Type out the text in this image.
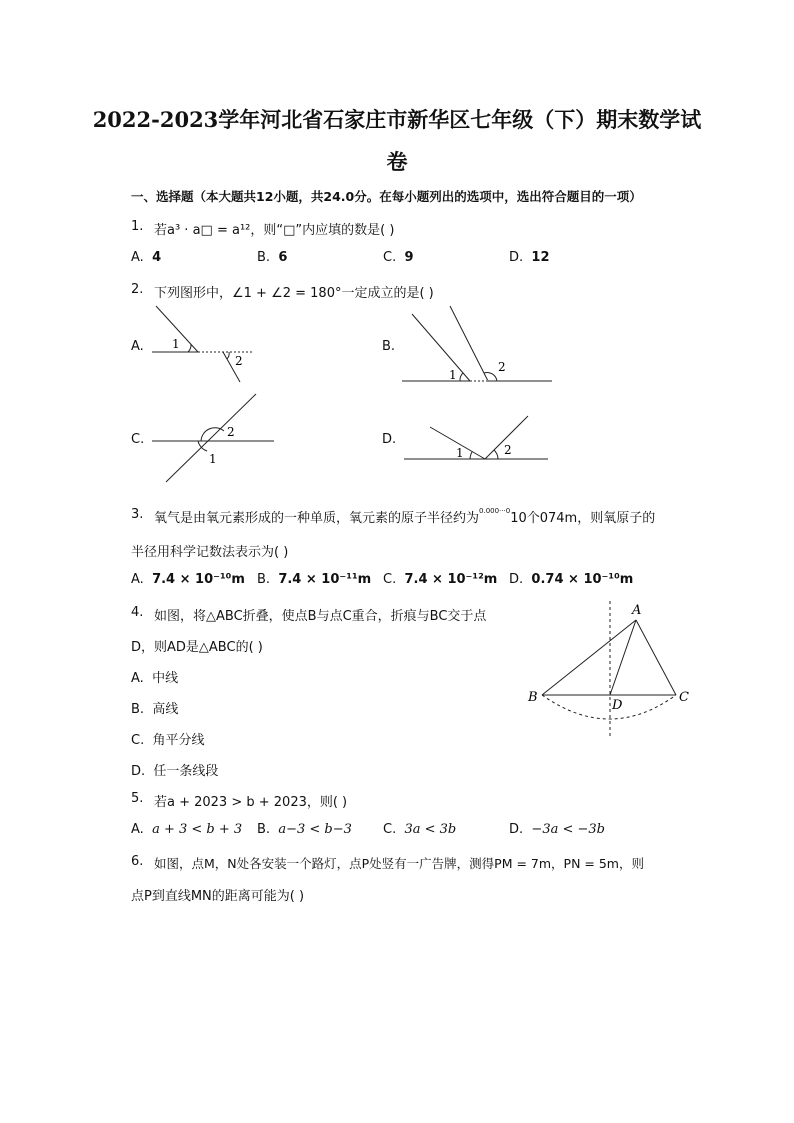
2022-2023学年河北省石家庄市新华区七年级（下）期末数学试
卷
一、选择题（本大题共12小题，共24.0分。在每小题列出的选项中，选出符合题目的一项）
1. 若a³ · a□ = a¹²，则“□”内应填的数是( )
A. 4	B. 6	C. 9	D. 12
2. 下列图形中，∠1 + ∠2 = 180°一定成立的是( )
A.	B.
C.	D.
1
2
1
2
2
1	1	2
3. 氧气是由氧元素形成的一种单质，氧元素的原子半径约为$^{0.000\cdot\cdot\cdot 0}$10个074m，则氧原子的
半径用科学记数法表示为( )
A. 7.4 × 10⁻¹⁰m B. 7.4 × 10⁻¹¹m C. 7.4 × 10⁻¹²m D. 0.74 × 10⁻¹⁰m
4. 如图，将△ABC折叠，使点B与点C重合，折痕与BC交于点
D，则AD是△ABC的( )
A. 中线
B. 高线
C. 角平分线
D. 任一条线段
A
B	C
D
5. 若a + 2023 > b + 2023，则( )
A. a + 3 < b + 3 B. a−3 < b−3 C. 3a < 3b	D. −3a < −3b
6. 如图，点M，N处各安装一个路灯，点P处竖有一广告牌，测得PM = 7m，PN = 5m，则
点P到直线MN的距离可能为( )
